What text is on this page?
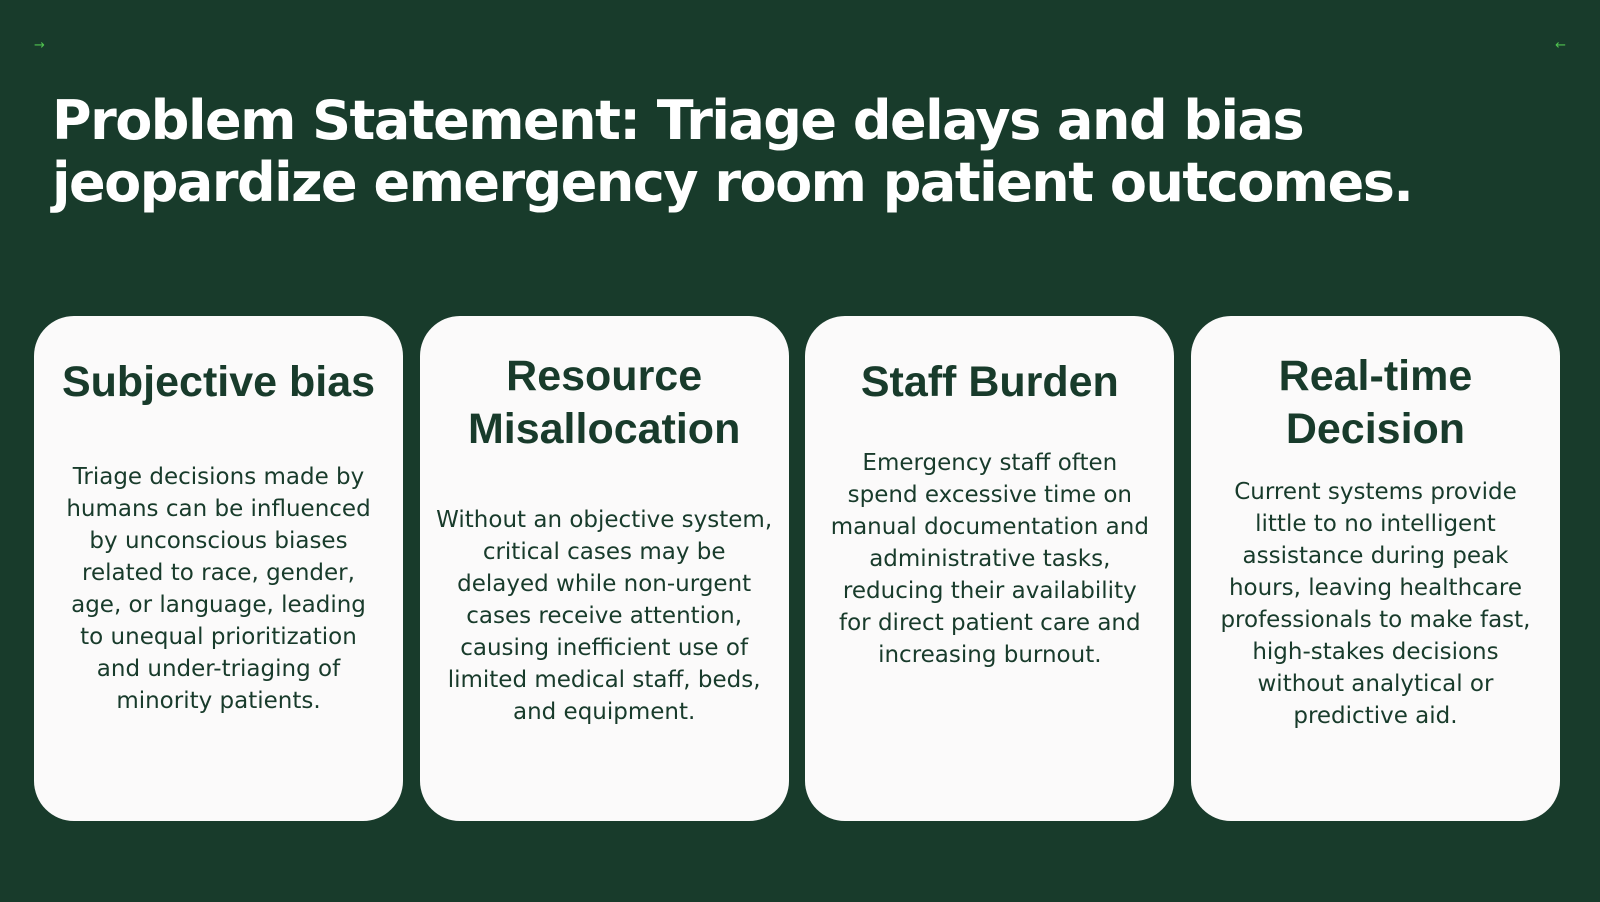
→	←
Problem Statement: Triage delays and bias jeopardize emergency room patient outcomes.
Subjective bias

Triage decisions made by humans can be influenced by unconscious biases related to race, gender, age, or language, leading to unequal prioritization and under-triaging of minority patients.

Resource Misallocation

Without an objective system, critical cases may be delayed while non-urgent cases receive attention, causing inefficient use of limited medical staff, beds, and equipment.

Staff Burden

Emergency staff often spend excessive time on manual documentation and administrative tasks, reducing their availability for direct patient care and increasing burnout.

Real-time Decision

Current systems provide little to no intelligent assistance during peak hours, leaving healthcare professionals to make fast, high-stakes decisions without analytical or predictive aid.
